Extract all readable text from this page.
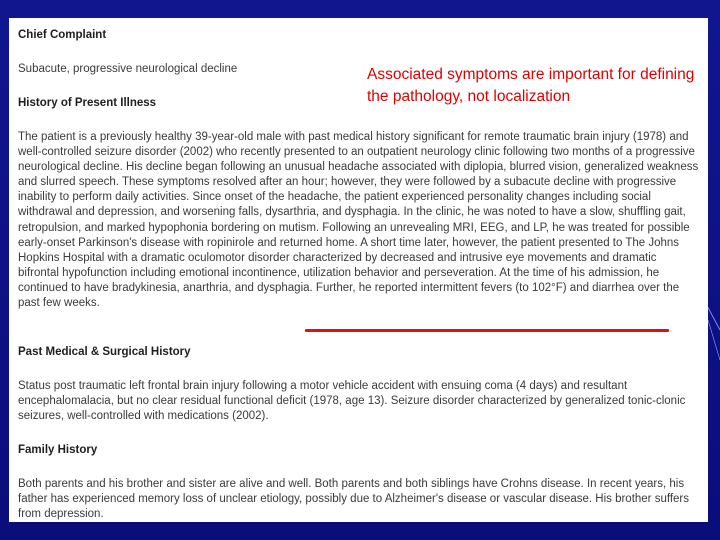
Chief Complaint

Subacute, progressive neurological decline

History of Present Illness

The patient is a previously healthy 39-year-old male with past medical history significant for remote traumatic brain injury (1978) and well-controlled seizure disorder (2002) who recently presented to an outpatient neurology clinic following two months of a progressive neurological decline. His decline began following an unusual headache associated with diplopia, blurred vision, generalized weakness and slurred speech. These symptoms resolved after an hour; however, they were followed by a subacute decline with progressive inability to perform daily activities. Since onset of the headache, the patient experienced personality changes including social withdrawal and depression, and worsening falls, dysarthria, and dysphagia. In the clinic, he was noted to have a slow, shuffling gait, retropulsion, and marked hypophonia bordering on mutism. Following an unrevealing MRI, EEG, and LP, he was treated for possible early-onset Parkinson's disease with ropinirole and returned home. A short time later, however, the patient presented to The Johns Hopkins Hospital with a dramatic oculomotor disorder characterized by decreased and intrusive eye movements and dramatic bifrontal hypofunction including emotional incontinence, utilization behavior and perseveration. At the time of his admission, he continued to have bradykinesia, anarthria, and dysphagia. Further, he reported intermittent fevers (to 102°F) and diarrhea over the past few weeks.

Past Medical & Surgical History

Status post traumatic left frontal brain injury following a motor vehicle accident with ensuing coma (4 days) and resultant encephalomalacia, but no clear residual functional deficit (1978, age 13). Seizure disorder characterized by generalized tonic-clonic seizures, well-controlled with medications (2002).

Family History

Both parents and his brother and sister are alive and well. Both parents and both siblings have Crohns disease. In recent years, his father has experienced memory loss of unclear etiology, possibly due to Alzheimer's disease or vascular disease. His brother suffers from depression.

Associated symptoms are important for defining the pathology, not localization
